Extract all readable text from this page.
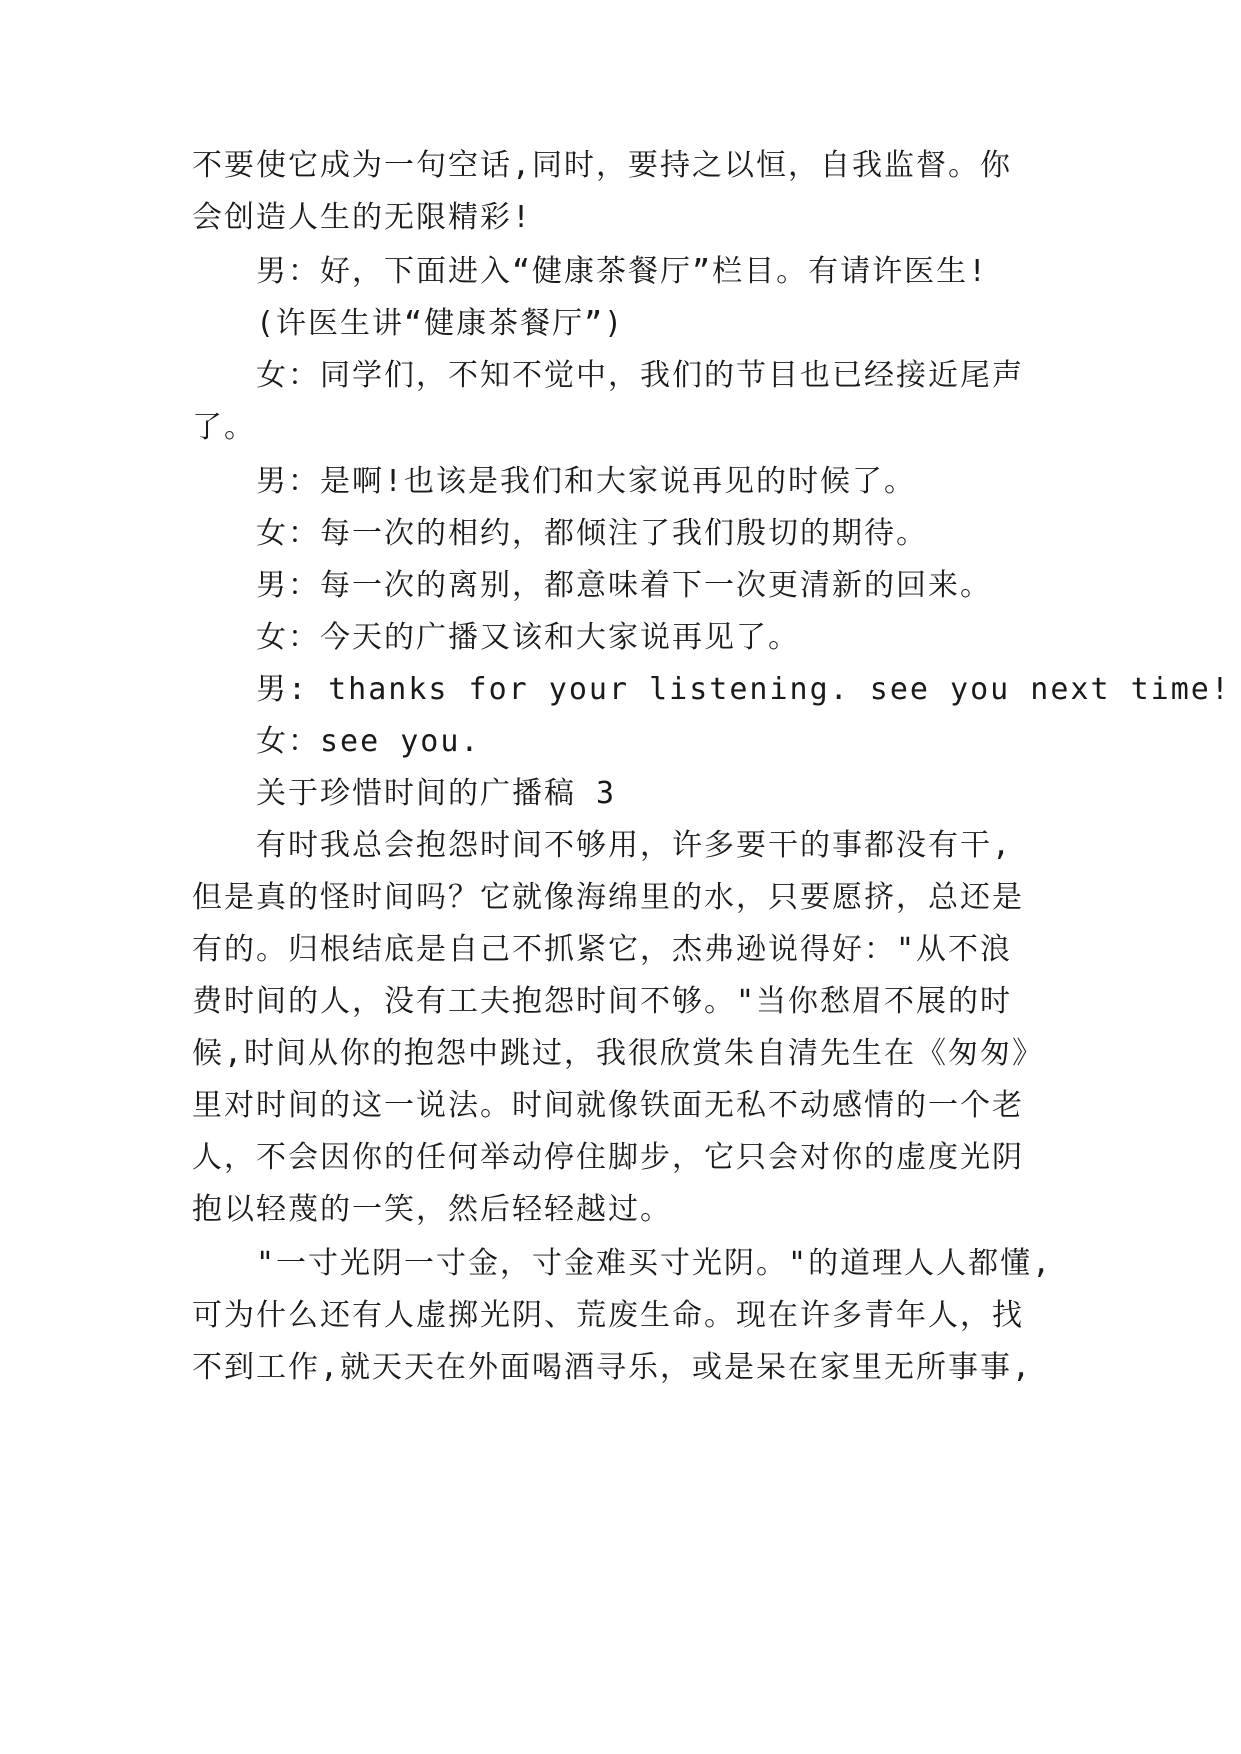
不要使它成为一句空话,同时，要持之以恒，自我监督。你
会创造人生的无限精彩!
男：好，下面进入“健康茶餐厅”栏目。有请许医生!
(许医生讲“健康茶餐厅”)
女：同学们，不知不觉中，我们的节目也已经接近尾声
了。
男：是啊!也该是我们和大家说再见的时候了。
女：每一次的相约，都倾注了我们殷切的期待。
男：每一次的离别，都意味着下一次更清新的回来。
女：今天的广播又该和大家说再见了。
男: thanks for your listening. see you next time!
女：see you.
关于珍惜时间的广播稿 3
有时我总会抱怨时间不够用，许多要干的事都没有干,
但是真的怪时间吗？它就像海绵里的水，只要愿挤，总还是
有的。归根结底是自己不抓紧它，杰弗逊说得好："从不浪
费时间的人，没有工夫抱怨时间不够。"当你愁眉不展的时
候,时间从你的抱怨中跳过，我很欣赏朱自清先生在《匆匆》
里对时间的这一说法。时间就像铁面无私不动感情的一个老
人，不会因你的任何举动停住脚步，它只会对你的虚度光阴
抱以轻蔑的一笑，然后轻轻越过。
"一寸光阴一寸金，寸金难买寸光阴。"的道理人人都懂,
可为什么还有人虚掷光阴、荒废生命。现在许多青年人，找
不到工作,就天天在外面喝酒寻乐，或是呆在家里无所事事,
